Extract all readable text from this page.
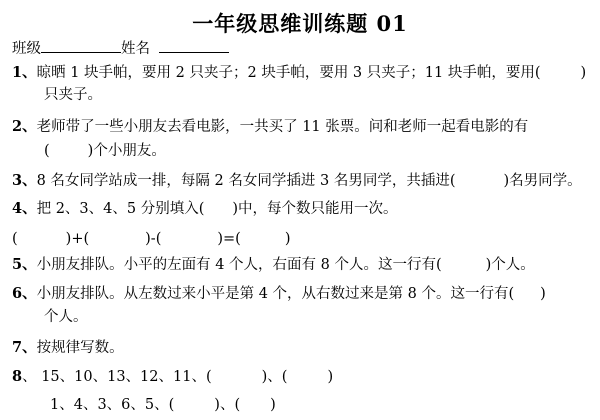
一年级思维训练题 01
班级	姓名
1、晾晒 1 块手帕，要用 2 只夹子；2 块手帕，要用 3 只夹子；11 块手帕，要用(	)
只夹子。
2、老师带了一些小朋友去看电影，一共买了 11 张票。问和老师一起看电影的有
(	)个小朋友。
3、8 名女同学站成一排，每隔 2 名女同学插进 3 名男同学，共插进(	)名男同学。
4、把 2、3、4、5 分别填入( )中，每个数只能用一次。
(	)+(	)-(	)=(	)
5、小朋友排队。小平的左面有 4 个人，右面有 8 个人。这一行有(	)个人。
6、小朋友排队。从左数过来小平是第 4 个，从右数过来是第 8 个。这一行有( )
个人。
7、按规律写数。
8、 15、10、13、12、11、(	)、(	)
1、4、3、6、5、(	)、( )
